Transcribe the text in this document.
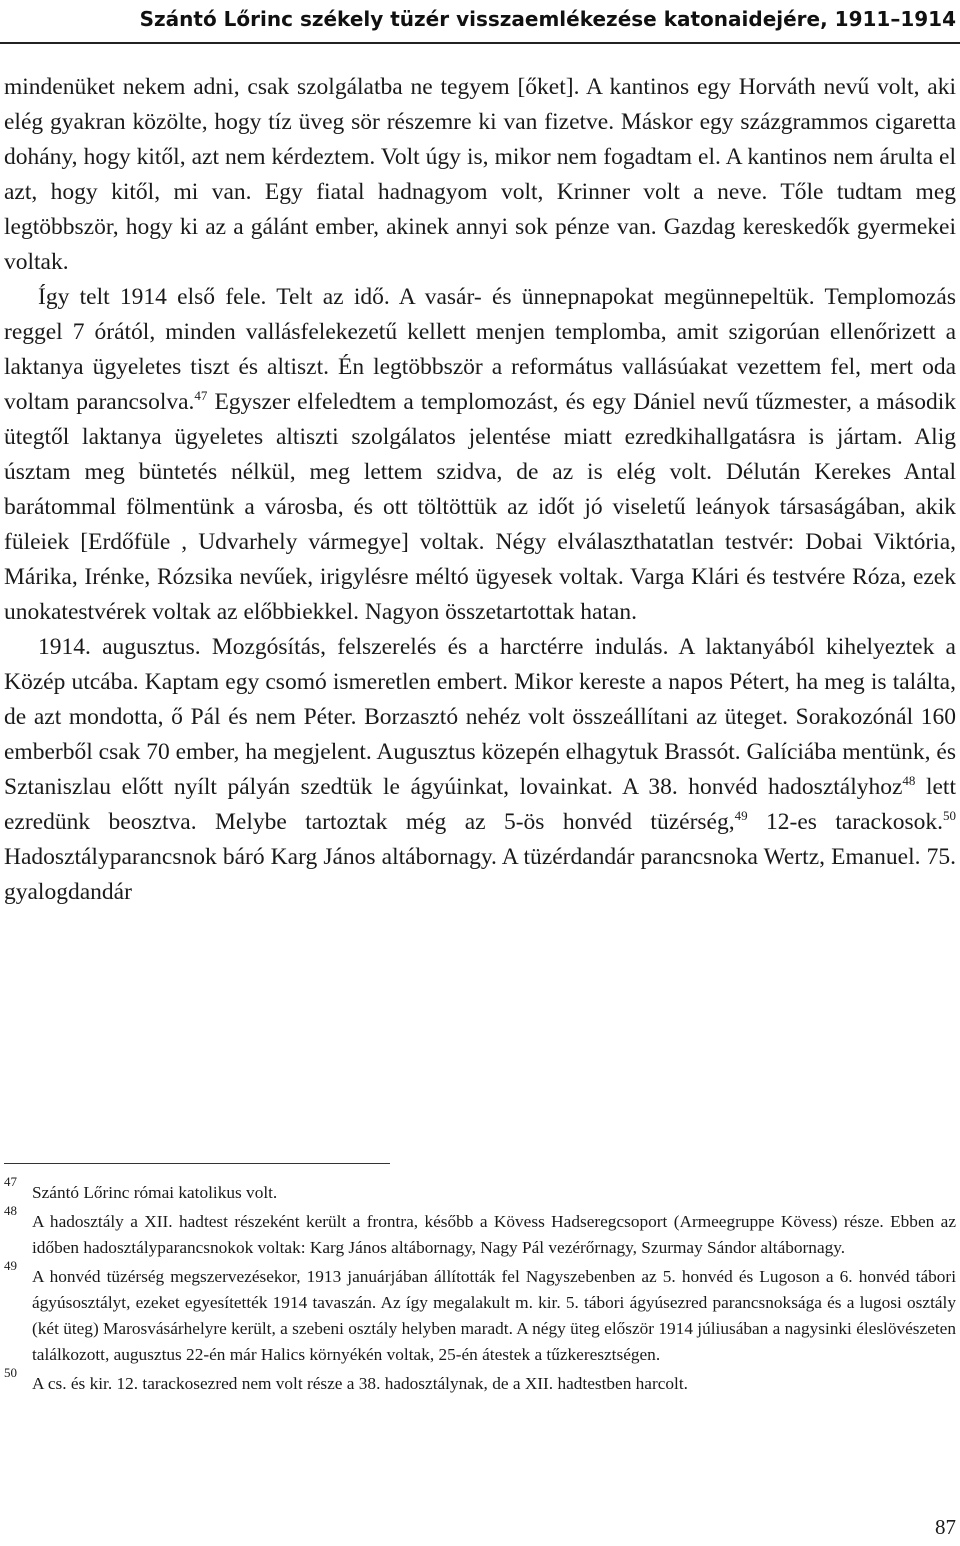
Szántó Lőrinc székely tüzér visszaemlékezése katonaidejére, 1911–1914

mindenüket nekem adni, csak szolgálatba ne tegyem [őket]. A kantinos egy Horváth nevű volt, aki elég gyakran közölte, hogy tíz üveg sör részemre ki van fizetve. Máskor egy százgrammos cigaretta dohány, hogy kitől, azt nem kérdeztem. Volt úgy is, mikor nem fogadtam el. A kantinos nem árulta el azt, hogy kitől, mi van. Egy fiatal hadnagyom volt, Krinner volt a neve. Tőle tudtam meg legtöbbször, hogy ki az a gálánt ember, akinek annyi sok pénze van. Gazdag kereskedők gyermekei voltak.

Így telt 1914 első fele. Telt az idő. A vasár- és ünnepnapokat megünnepeltük. Templomozás reggel 7 órától, minden vallásfelekezetű kellett menjen templomba, amit szigorúan ellenőrizett a laktanya ügyeletes tiszt és altiszt. Én legtöbbször a református vallásúakat vezettem fel, mert oda voltam parancsolva.$^{47}$ Egyszer elfeledtem a templomozást, és egy Dániel nevű tűzmester, a második ütegtől laktanya ügyeletes altiszti szolgálatos jelentése miatt ezredkihallgatásra is jártam. Alig úsztam meg büntetés nélkül, meg lettem szidva, de az is elég volt. Délután Kerekes Antal barátommal fölmentünk a városba, és ott töltöttük az időt jó viseletű leányok társaságában, akik füleiek [Erdőfüle , Udvarhely vármegye] voltak. Négy elválaszthatatlan testvér: Dobai Viktória, Márika, Irénke, Rózsika nevűek, irigylésre méltó ügyesek voltak. Varga Klári és testvére Róza, ezek unokatestvérek voltak az előbbiekkel. Nagyon összetartottak hatan.

1914. augusztus. Mozgósítás, felszerelés és a harctérre indulás. A laktanyából kihelyeztek a Közép utcába. Kaptam egy csomó ismeretlen embert. Mikor kereste a napos Pétert, ha meg is találta, de azt mondotta, ő Pál és nem Péter. Borzasztó nehéz volt összeállítani az üteget. Sorakozónál 160 emberből csak 70 ember, ha megjelent. Augusztus közepén elhagytuk Brassót. Galíciába mentünk, és Sztaniszlau előtt nyílt pályán szedtük le ágyúinkat, lovainkat. A 38. honvéd hadosztályhoz$^{48}$ lett ezredünk beosztva. Melybe tartoztak még az 5-ös honvéd tüzérség,$^{49}$ 12-es tarackosok.$^{50}$ Hadosztályparancsnok báró Karg János altábornagy. A tüzérdandár parancsnoka Wertz, Emanuel. 75. gyalogdandár

47
Szántó Lőrinc római katolikus volt.
48
A hadosztály a XII. hadtest részeként került a frontra, később a Kövess Hadseregcsoport (Armeegruppe Kövess) része. Ebben az időben hadosztályparancsnokok voltak: Karg János altábornagy, Nagy Pál vezérőrnagy, Szurmay Sándor altábornagy.
49
A honvéd tüzérség megszervezésekor, 1913 januárjában állították fel Nagyszebenben az 5. honvéd és Lugoson a 6. honvéd tábori ágyúsosztályt, ezeket egyesítették 1914 tavaszán. Az így megalakult m. kir. 5. tábori ágyúsezred parancsnoksága és a lugosi osztály (két üteg) Marosvásárhelyre került, a szebeni osztály helyben maradt. A négy üteg először 1914 júliusában a nagysinki éleslövészeten találkozott, augusztus 22-én már Halics környékén voltak, 25-én átestek a tűzkeresztségen.
50
A cs. és kir. 12. tarackosezred nem volt része a 38. hadosztálynak, de a XII. hadtestben harcolt.
87
